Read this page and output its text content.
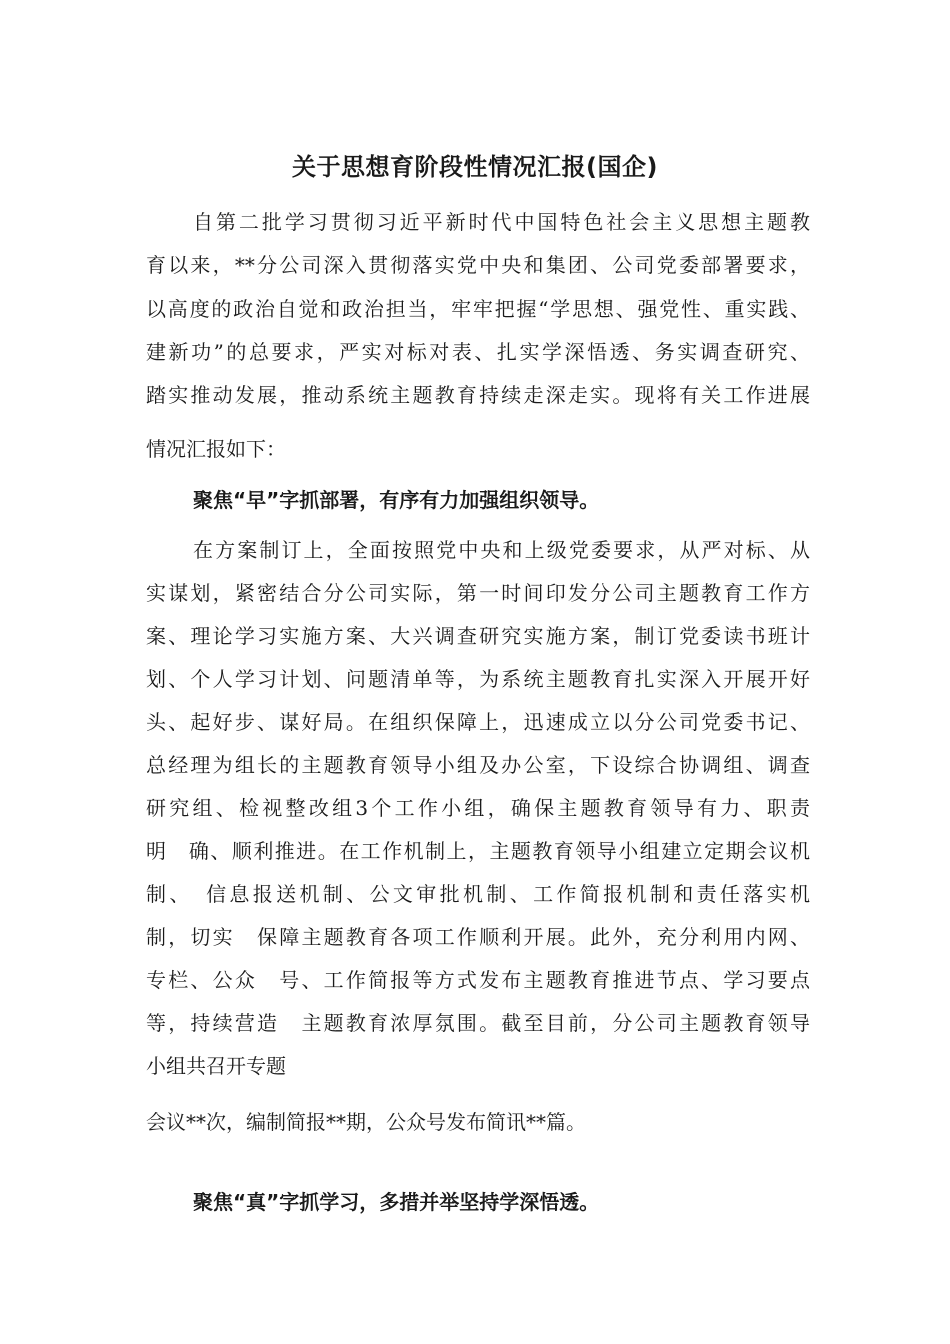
关于思想育阶段性情况汇报(国企)
自第二批学习贯彻习近平新时代中国特色社会主义思想主题教
育以来，**分公司深入贯彻落实党中央和集团、公司党委部署要求，
以高度的政治自觉和政治担当，牢牢把握“学思想、强党性、重实践、
建新功”的总要求，严实对标对表、扎实学深悟透、务实调查研究、
踏实推动发展，推动系统主题教育持续走深走实。现将有关工作进展
情况汇报如下：
聚焦“早”字抓部署，有序有力加强组织领导。
在方案制订上，全面按照党中央和上级党委要求，从严对标、从
实谋划，紧密结合分公司实际，第一时间印发分公司主题教育工作方
案、理论学习实施方案、大兴调查研究实施方案，制订党委读书班计
划、个人学习计划、问题清单等，为系统主题教育扎实深入开展开好
头、起好步、谋好局。在组织保障上，迅速成立以分公司党委书记、
总经理为组长的主题教育领导小组及办公室，下设综合协调组、调查
研究组、检视整改组3个工作小组，确保主题教育领导有力、职责
明　确、顺利推进。在工作机制上，主题教育领导小组建立定期会议机
制、　信息报送机制、公文审批机制、工作简报机制和责任落实机
制，切实　保障主题教育各项工作顺利开展。此外，充分利用内网、
专栏、公众　号、工作简报等方式发布主题教育推进节点、学习要点
等，持续营造　主题教育浓厚氛围。截至目前，分公司主题教育领导
小组共召开专题
会议**次，编制简报**期，公众号发布简讯**篇。
聚焦“真”字抓学习，多措并举坚持学深悟透。
